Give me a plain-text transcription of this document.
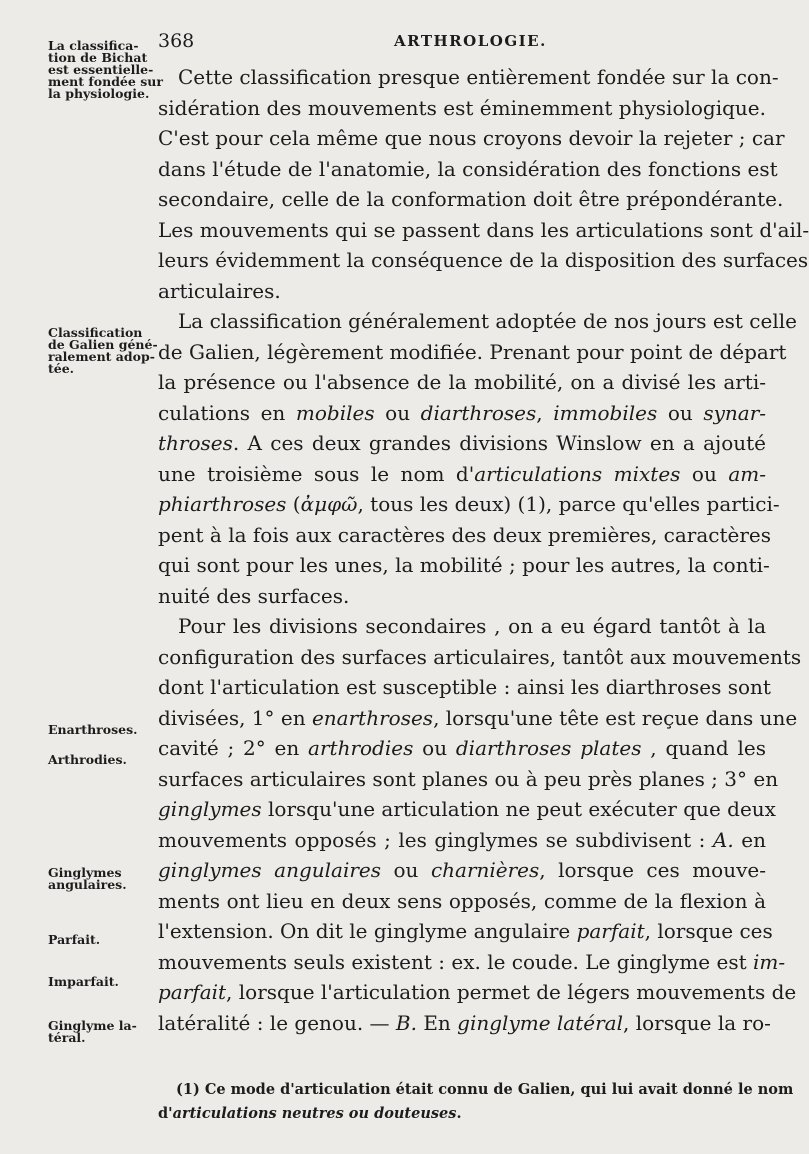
368	ARTHROLOGIE.
La classifica-
tion de Bichat
est essentielle-
ment fondée sur
la physiologie.
Classification
de Galien géné-
ralement adop-
tée.
Enarthroses.
Arthrodies.
Ginglymes
angulaires.
Parfait.
Imparfait.
Ginglyme la-
téral.
Cette classification presque entièrement fondée sur la con-
sidération des mouvements est éminemment physiologique.
C'est pour cela même que nous croyons devoir la rejeter ; car
dans l'étude de l'anatomie, la considération des fonctions est
secondaire, celle de la conformation doit être prépondérante.
Les mouvements qui se passent dans les articulations sont d'ail-
leurs évidemment la conséquence de la disposition des surfaces
articulaires.
La classification généralement adoptée de nos jours est celle
de Galien, légèrement modifiée. Prenant pour point de départ
la présence ou l'absence de la mobilité, on a divisé les arti-
culations en mobiles ou diarthroses, immobiles ou synar-
throses. A ces deux grandes divisions Winslow en a ajouté
une troisième sous le nom d'articulations mixtes ou am-
phiarthroses (ἀμφῶ, tous les deux) (1), parce qu'elles partici-
pent à la fois aux caractères des deux premières, caractères
qui sont pour les unes, la mobilité ; pour les autres, la conti-
nuité des surfaces.
Pour les divisions secondaires , on a eu égard tantôt à la
configuration des surfaces articulaires, tantôt aux mouvements
dont l'articulation est susceptible : ainsi les diarthroses sont
divisées, 1° en enarthroses, lorsqu'une tête est reçue dans une
cavité ; 2° en arthrodies ou diarthroses plates , quand les
surfaces articulaires sont planes ou à peu près planes ; 3° en
ginglymes lorsqu'une articulation ne peut exécuter que deux
mouvements opposés ; les ginglymes se subdivisent : A. en
ginglymes angulaires ou charnières, lorsque ces mouve-
ments ont lieu en deux sens opposés, comme de la flexion à
l'extension. On dit le ginglyme angulaire parfait, lorsque ces
mouvements seuls existent : ex. le coude. Le ginglyme est im-
parfait, lorsque l'articulation permet de légers mouvements de
latéralité : le genou. — B. En ginglyme latéral, lorsque la ro-
(1) Ce mode d'articulation était connu de Galien, qui lui avait donné le nom
d'articulations neutres ou douteuses.
